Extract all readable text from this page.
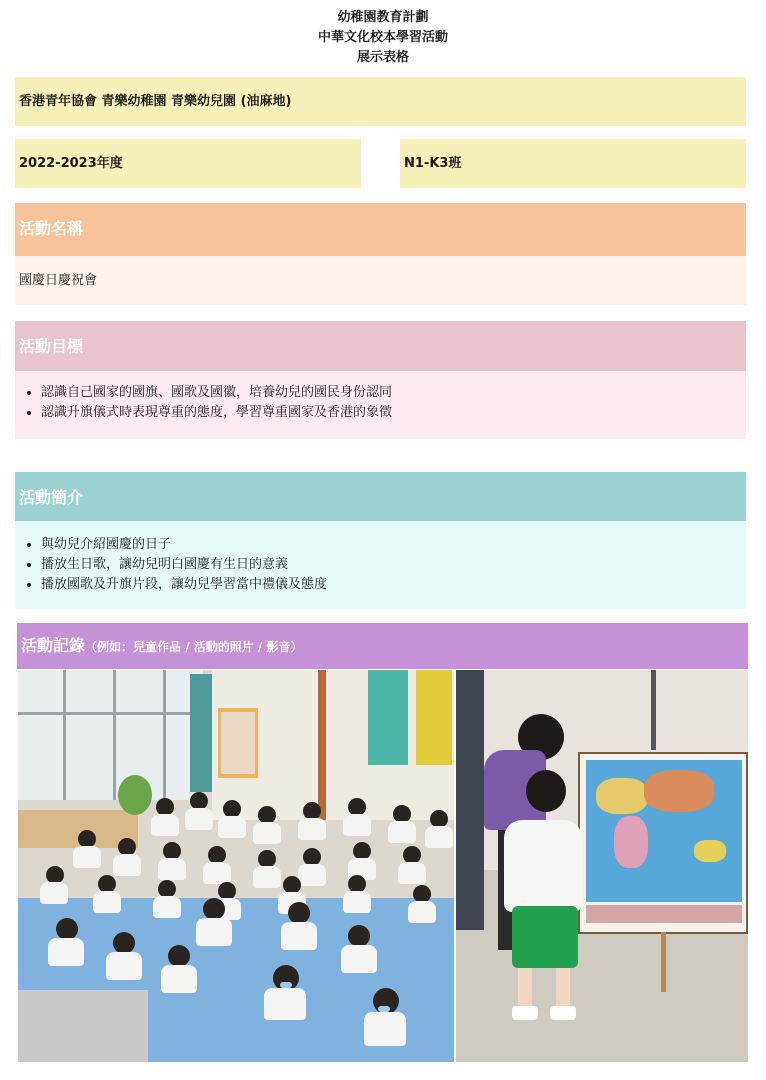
幼稚園教育計劃
中華文化校本學習活動
展示表格
香港青年協會 青樂幼稚園 青樂幼兒園 (油麻地)
2022-2023年度	N1-K3班
活動名稱
國慶日慶祝會
活動目標
• 認識自己國家的國旗、國歌及國徽，培養幼兒的國民身份認同
• 認識升旗儀式時表現尊重的態度，學習尊重國家及香港的象徵
活動簡介
• 與幼兒介紹國慶的日子
• 播放生日歌，讓幼兒明白國慶有生日的意義
• 播放國歌及升旗片段，讓幼兒學習當中禮儀及態度
活動記錄（例如：兒童作品 / 活動的照片 / 影音）
